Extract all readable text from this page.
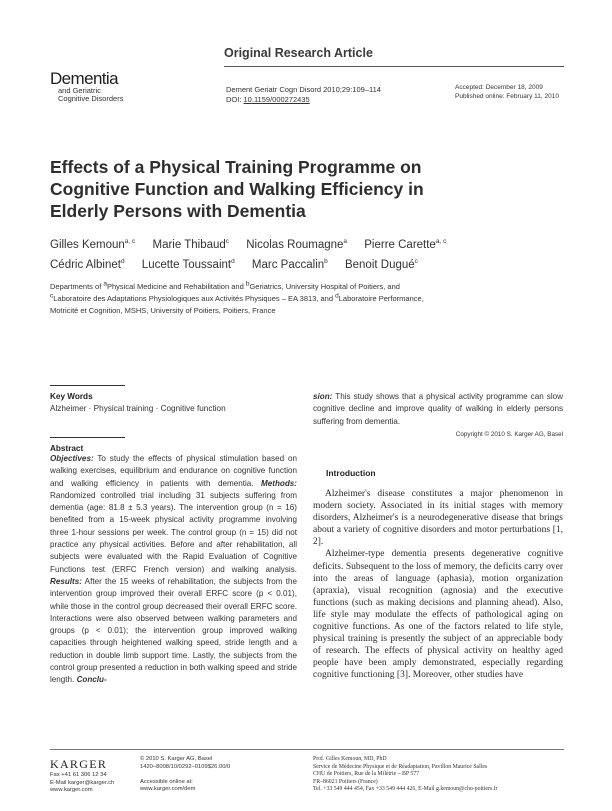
Original Research Article
Dementia
and Geriatric
Cognitive Disorders
Dement Geriatr Cogn Disord 2010;29:109–114
DOI: 10.1159/000272435
Accepted: December 18, 2009
Published online: February 11, 2010
Effects of a Physical Training Programme on
Cognitive Function and Walking Efficiency in
Elderly Persons with Dementia
Gilles Kemoun$^{a, c}$ Marie Thibaud$^c$ Nicolas Roumagne$^a$ Pierre Carette$^{a, c}$
Cédric Albinet$^d$ Lucette Toussaint$^d$ Marc Paccalin$^b$ Benoit Dugué$^c$
Departments of aPhysical Medicine and Rehabilitation and bGeriatrics, University Hospital of Poitiers, and
cLaboratoire des Adaptations Physiologiques aux Activités Physiques – EA 3813, and dLaboratoire Performance,
Motricité et Cognition, MSHS, University of Poitiers, Poitiers, France
Key Words
Alzheimer · Physical training · Cognitive function
Abstract
Objectives: To study the effects of physical stimulation based on walking exercises, equilibrium and endurance on cognitive function and walking efficiency in patients with dementia. Methods: Randomized controlled trial including 31 subjects suffering from dementia (age: 81.8 ± 5.3 years). The intervention group (n = 16) benefited from a 15-week physical activity programme involving three 1-hour sessions per week. The control group (n = 15) did not practice any physical activities. Before and after rehabilitation, all subjects were evaluated with the Rapid Evaluation of Cognitive Functions test (ERFC French version) and walking analysis. Results: After the 15 weeks of rehabilitation, the subjects from the intervention group improved their overall ERFC score (p < 0.01), while those in the control group decreased their overall ERFC score. Interactions were also observed between walking parameters and groups (p < 0.01); the intervention group improved walking capacities through heightened walking speed, stride length and a reduction in double limb support time. Lastly, the subjects from the control group presented a reduction in both walking speed and stride length. Conclu-
sion: This study shows that a physical activity programme can slow cognitive decline and improve quality of walking in elderly persons suffering from dementia.
Copyright © 2010 S. Karger AG, Basel
Introduction

Alzheimer's disease constitutes a major phenomenon in modern society. Associated in its initial stages with memory disorders, Alzheimer's is a neurodegenerative disease that brings about a variety of cognitive disorders and motor perturbations [1, 2].

Alzheimer-type dementia presents degenerative cognitive deficits. Subsequent to the loss of memory, the deficits carry over into the areas of language (aphasia), motion organization (apraxia), visual recognition (agnosia) and the executive functions (such as making decisions and planning ahead). Also, life style may modulate the effects of pathological aging on cognitive functions. As one of the factors related to life style, physical training is presently the subject of an appreciable body of research. The effects of physical activity on healthy aged people have been amply demonstrated, especially regarding cognitive functioning [3]. Moreover, other studies have

KARGER
Fax +41 61 306 12 34
E-Mail karger@karger.ch
www.karger.com
© 2010 S. Karger AG, Basel
1420–8008/10/0292–0109$26.00/0
Accessible online at:
www.karger.com/dem
Prof. Gilles Kemoun, MD, PhD
Service de Médecine Physique et de Réadaptation, Pavillon Maurice Salles
CHU de Poitiers, Rue de la Milétrie – BP 577
FR–86021 Poitiers (France)
Tel. +33 549 444 454, Fax +33 549 444 426, E-Mail g.kemoun@chu-poitiers.fr
